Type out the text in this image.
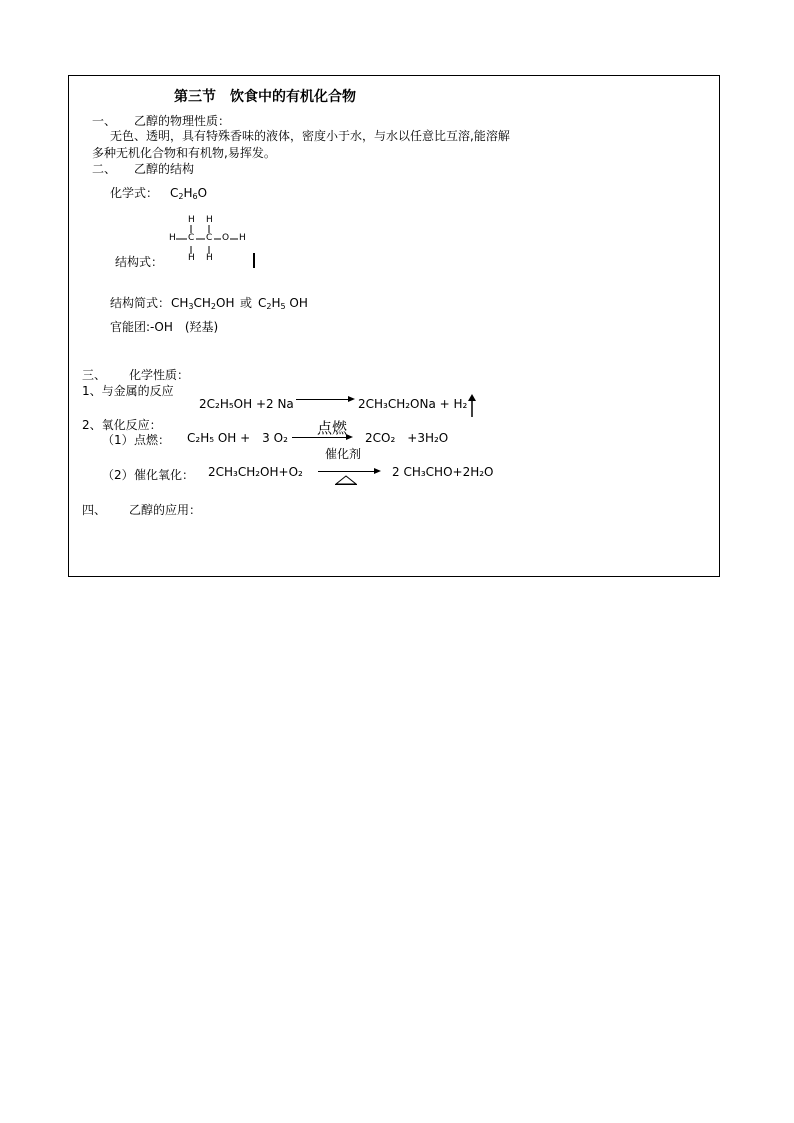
第三节　饮食中的有机化合物
一、 乙醇的物理性质：
无色、透明，具有特殊香味的液体，密度小于水，与水以任意比互溶,能溶解
多种无机化合物和有机物,易挥发。
二、 乙醇的结构
化学式： $C_2H_6O$
H H
H C C O H
H H
结构式：
结构简式： $CH_3CH_2OH$ 或 $C_2H_5$ OH
官能团:-OH　(羟基)
三、 化学性质：
1、与金属的反应
2C₂H₅OH +2 Na	2CH₃CH₂ONa + H₂
2、氧化反应：
（1） 点燃： C₂H₅ OH +　3 O₂
点燃
2CO₂　+3H₂O
催化剂
（2） 催化氧化： 2CH₃CH₂OH+O₂	2 CH₃CHO+2H₂O
四、 乙醇的应用：
